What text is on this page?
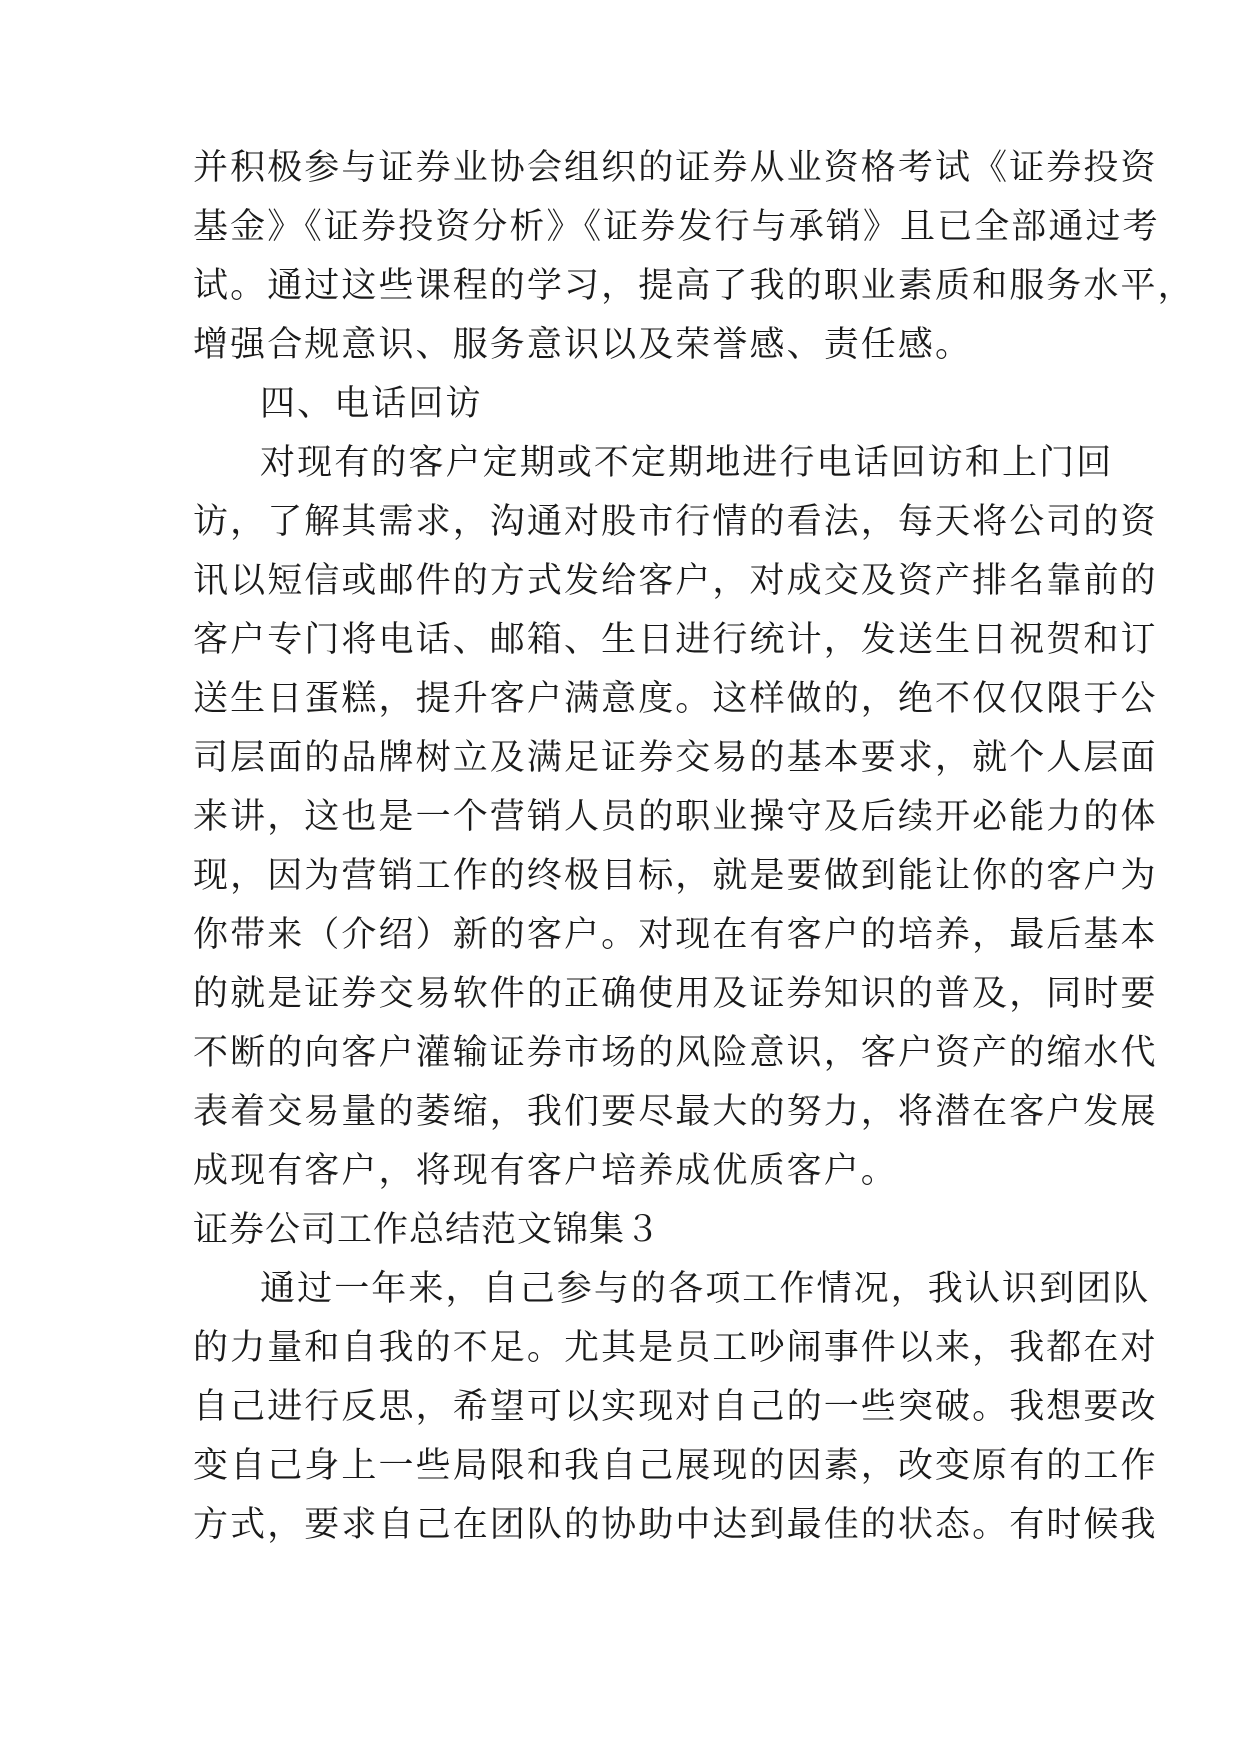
并积极参与证券业协会组织的证券从业资格考试《证券投资
基金》《证券投资分析》《证券发行与承销》且已全部通过考
试。通过这些课程的学习，提高了我的职业素质和服务水平，
增强合规意识、服务意识以及荣誉感、责任感。
四、电话回访
对现有的客户定期或不定期地进行电话回访和上门回
访，了解其需求，沟通对股市行情的看法，每天将公司的资
讯以短信或邮件的方式发给客户，对成交及资产排名靠前的
客户专门将电话、邮箱、生日进行统计，发送生日祝贺和订
送生日蛋糕，提升客户满意度。这样做的，绝不仅仅限于公
司层面的品牌树立及满足证券交易的基本要求，就个人层面
来讲，这也是一个营销人员的职业操守及后续开必能力的体
现，因为营销工作的终极目标，就是要做到能让你的客户为
你带来（介绍）新的客户。对现在有客户的培养，最后基本
的就是证券交易软件的正确使用及证券知识的普及，同时要
不断的向客户灌输证券市场的风险意识，客户资产的缩水代
表着交易量的萎缩，我们要尽最大的努力，将潜在客户发展
成现有客户，将现有客户培养成优质客户。
证券公司工作总结范文锦集３
通过一年来，自己参与的各项工作情况，我认识到团队
的力量和自我的不足。尤其是员工吵闹事件以来，我都在对
自己进行反思，希望可以实现对自己的一些突破。我想要改
变自己身上一些局限和我自己展现的因素，改变原有的工作
方式，要求自己在团队的协助中达到最佳的状态。有时候我
